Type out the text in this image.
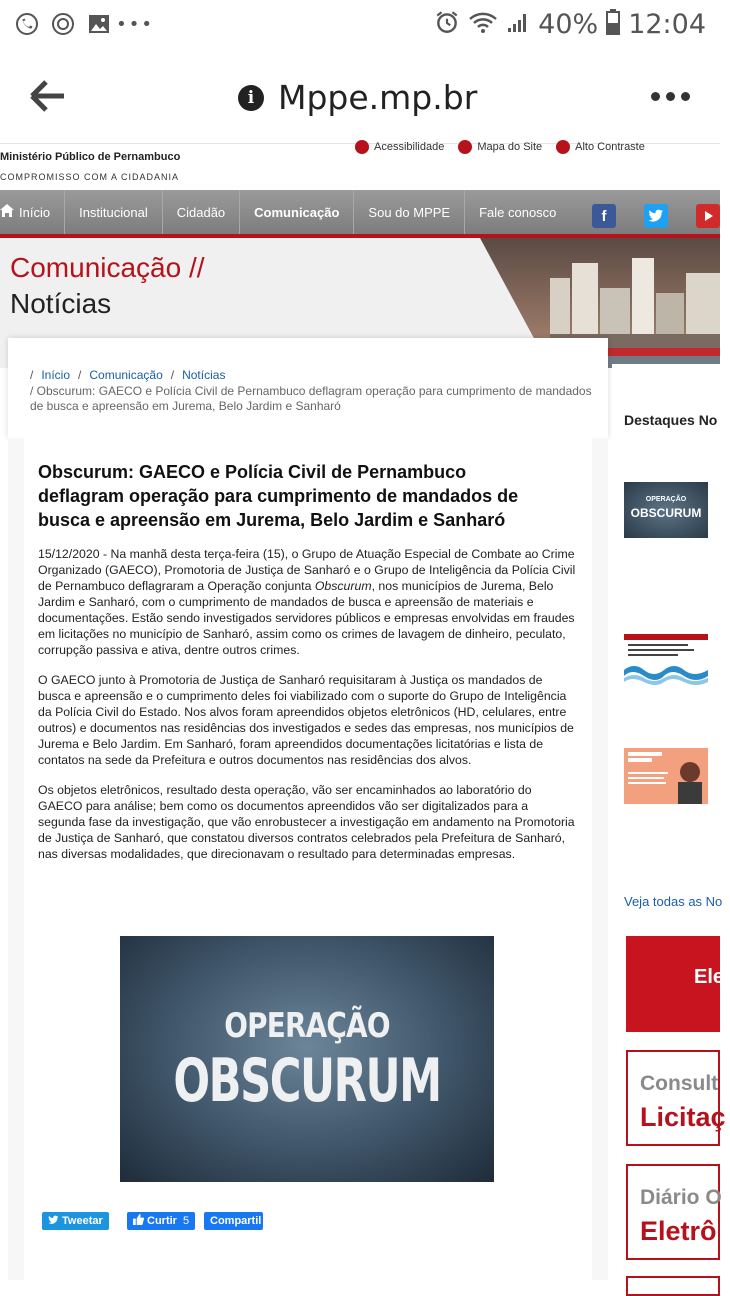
•••	40% 12:04
i Mppe.mp.br
Ministério Público de Pernambuco
COMPROMISSO COM A CIDADANIA
Acessibilidade	Mapa do Site	Alto Contraste
Início	Institucional	Cidadão	Comunicação	Sou do MPPE	Fale conosco	f
Comunicação //
Notícias
/ Início / Comunicação / Notícias
/ Obscurum: GAECO e Polícia Civil de Pernambuco deflagram operação para cumprimento de mandados de busca e apreensão em Jurema, Belo Jardim e Sanharó
Obscurum: GAECO e Polícia Civil de Pernambuco deflagram operação para cumprimento de mandados de busca e apreensão em Jurema, Belo Jardim e Sanharó

15/12/2020 - Na manhã desta terça-feira (15), o Grupo de Atuação Especial de Combate ao Crime Organizado (GAECO), Promotoria de Justiça de Sanharó e o Grupo de Inteligência da Polícia Civil de Pernambuco deflagraram a Operação conjunta Obscurum, nos municípios de Jurema, Belo Jardim e Sanharó, com o cumprimento de mandados de busca e apreensão de materiais e documentações. Estão sendo investigados servidores públicos e empresas envolvidas em fraudes em licitações no município de Sanharó, assim como os crimes de lavagem de dinheiro, peculato, corrupção passiva e ativa, dentre outros crimes.

O GAECO junto à Promotoria de Justiça de Sanharó requisitaram à Justiça os mandados de busca e apreensão e o cumprimento deles foi viabilizado com o suporte do Grupo de Inteligência da Polícia Civil do Estado. Nos alvos foram apreendidos objetos eletrônicos (HD, celulares, entre outros) e documentos nas residências dos investigados e sedes das empresas, nos municípios de Jurema e Belo Jardim. Em Sanharó, foram apreendidos documentações licitatórias e lista de contatos na sede da Prefeitura e outros documentos nas residências dos alvos.

Os objetos eletrônicos, resultado desta operação, vão ser encaminhados ao laboratório do GAECO para análise; bem como os documentos apreendidos vão ser digitalizados para a segunda fase da investigação, que vão enrobustecer a investigação em andamento na Promotoria de Justiça de Sanharó, que constatou diversos contratos celebrados pela Prefeitura de Sanharó, nas diversas modalidades, que direcionavam o resultado para determinadas empresas.

OPERAÇÃO
OBSCURUM
Tweetar	Curtir 5 Compartil
Destaques No
OPERAÇÃO
OBSCURUM
Veja todas as No
Elei
Consult
Licitaç
Diário O
Eletrô
